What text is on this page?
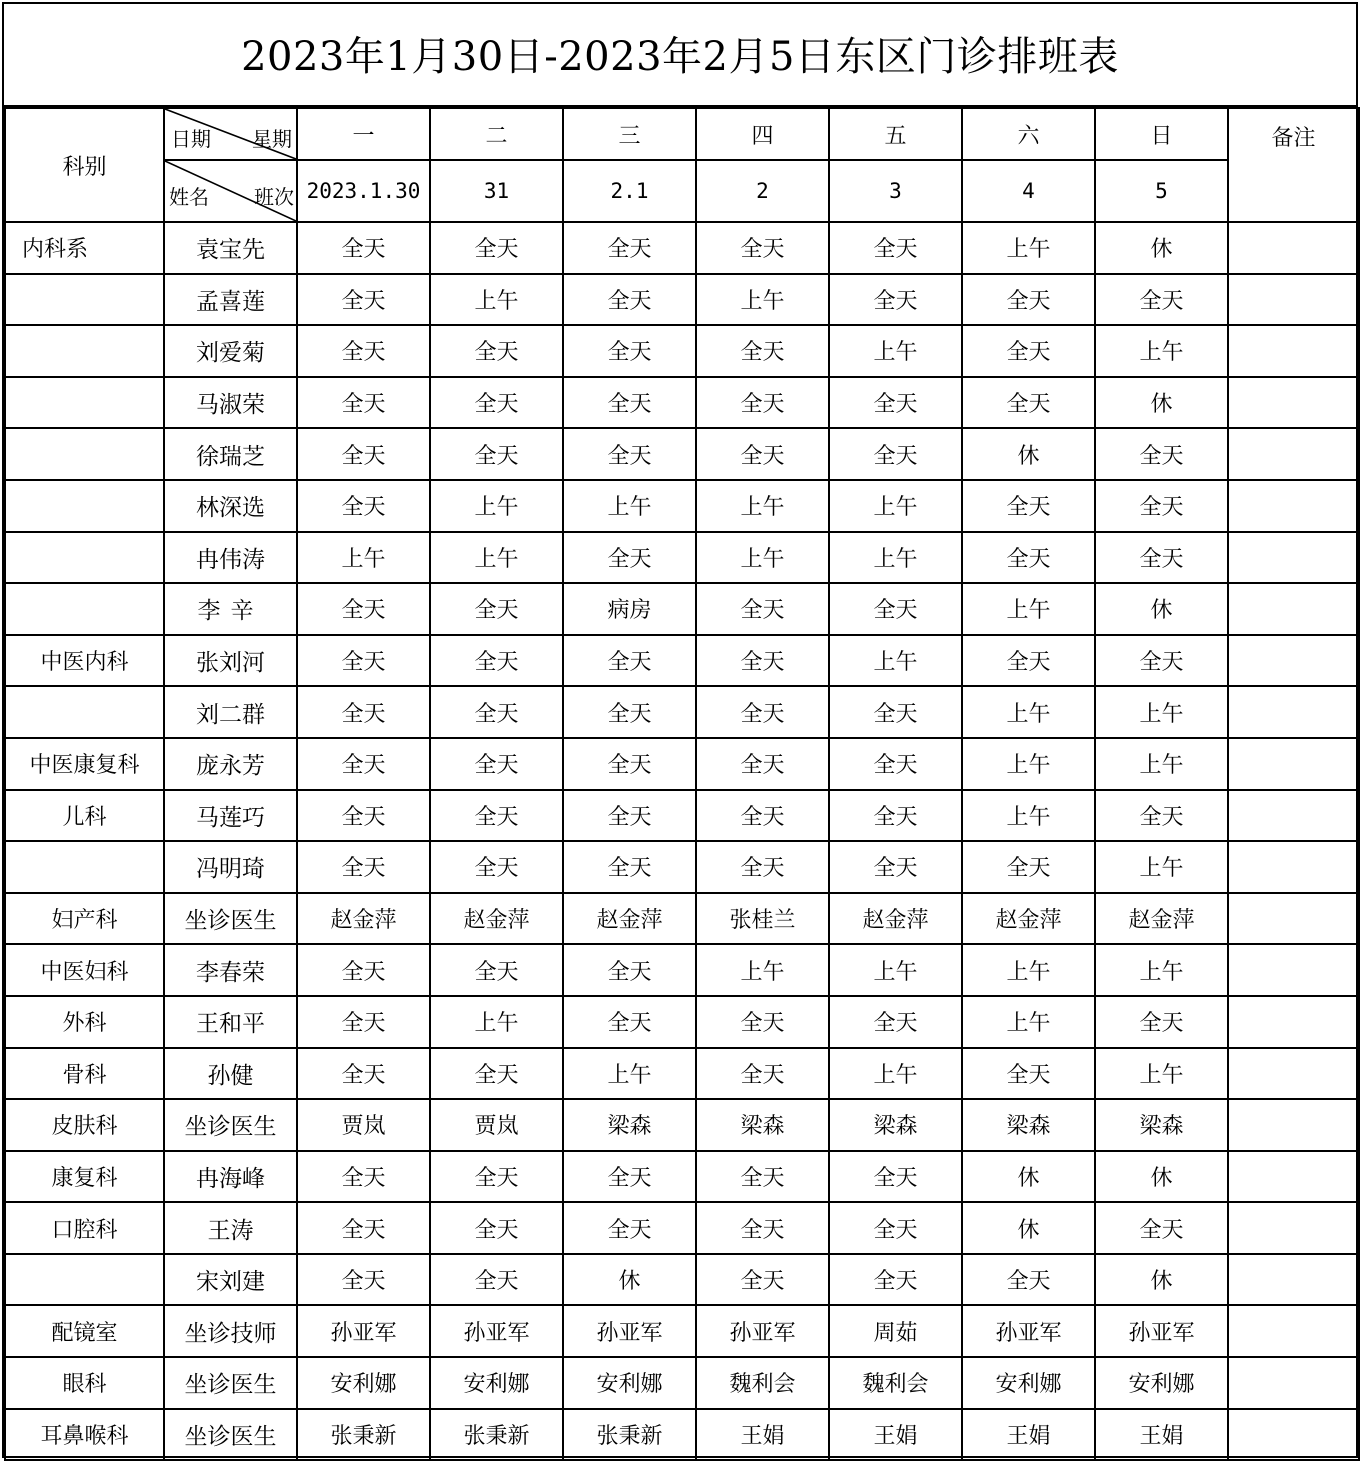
2023年1月30日-2023年2月5日东区门诊排班表
科别	日期 星期	一	二	三	四	五	六	日	备注

	姓名 班次	2023.1.30	31	2.1	2	3	4	5	
内科系	袁宝先	全天	全天	全天	全天	全天	上午	休	
	孟喜莲	全天	上午	全天	上午	全天	全天	全天	
	刘爱菊	全天	全天	全天	全天	上午	全天	上午	
	马淑荣	全天	全天	全天	全天	全天	全天	休	
	徐瑞芝	全天	全天	全天	全天	全天	休	全天	
	林深选	全天	上午	上午	上午	上午	全天	全天	
	冉伟涛	上午	上午	全天	上午	上午	全天	全天	
	李辛	全天	全天	病房	全天	全天	上午	休	
中医内科	张刘河	全天	全天	全天	全天	上午	全天	全天	
	刘二群	全天	全天	全天	全天	全天	上午	上午	
中医康复科	庞永芳	全天	全天	全天	全天	全天	上午	上午	
儿科	马莲巧	全天	全天	全天	全天	全天	上午	全天	
	冯明琦	全天	全天	全天	全天	全天	全天	上午	
妇产科	坐诊医生	赵金萍	赵金萍	赵金萍	张桂兰	赵金萍	赵金萍	赵金萍	
中医妇科	李春荣	全天	全天	全天	上午	上午	上午	上午	
外科	王和平	全天	上午	全天	全天	全天	上午	全天	
骨科	孙健	全天	全天	上午	全天	上午	全天	上午	
皮肤科	坐诊医生	贾岚	贾岚	梁森	梁森	梁森	梁森	梁森	
康复科	冉海峰	全天	全天	全天	全天	全天	休	休	
口腔科	王涛	全天	全天	全天	全天	全天	休	全天	
	宋刘建	全天	全天	休	全天	全天	全天	休	
配镜室	坐诊技师	孙亚军	孙亚军	孙亚军	孙亚军	周茹	孙亚军	孙亚军	
眼科	坐诊医生	安利娜	安利娜	安利娜	魏利会	魏利会	安利娜	安利娜	
耳鼻喉科	坐诊医生	张秉新	张秉新	张秉新	王娟	王娟	王娟	王娟	
